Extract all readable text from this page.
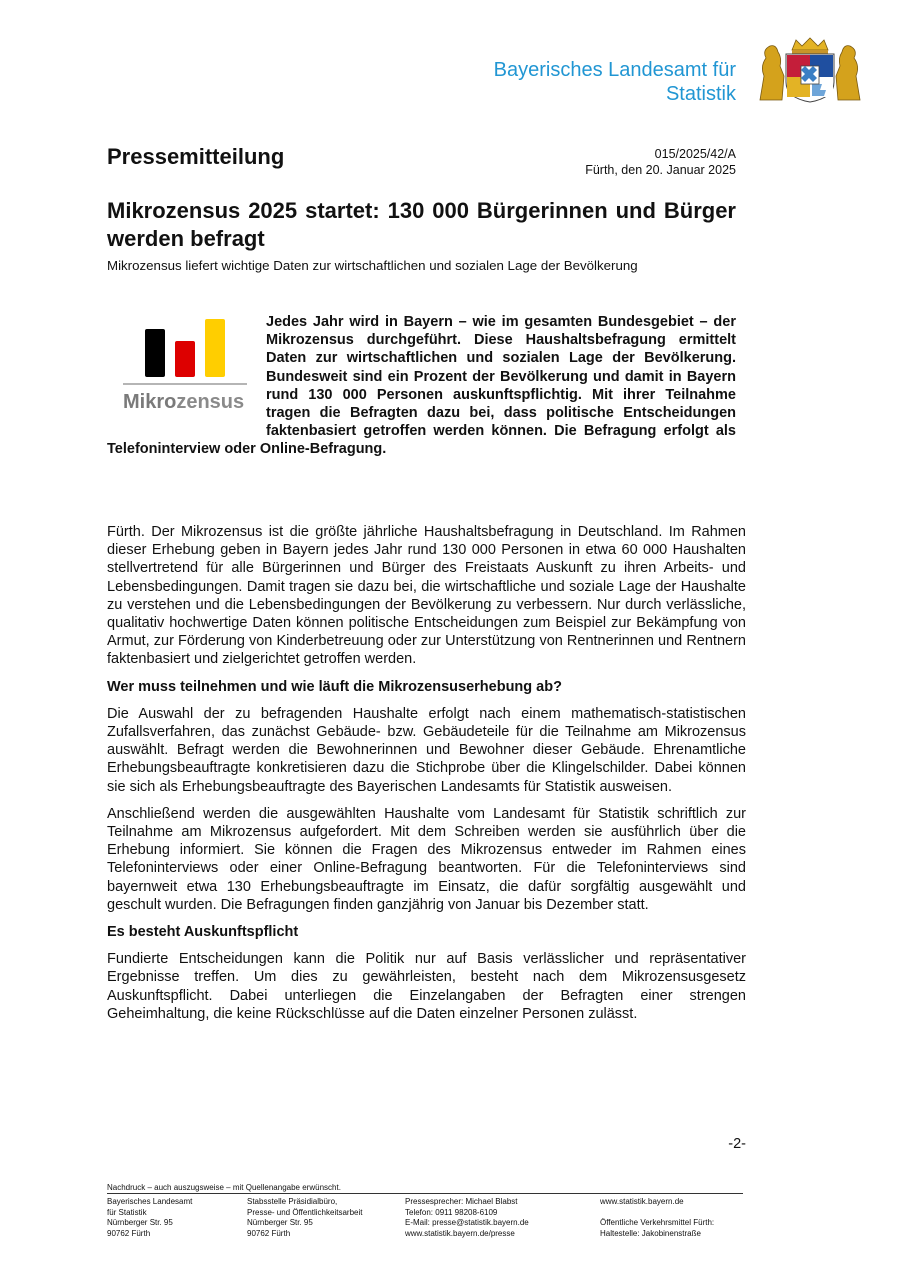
Bayerisches Landesamt für
Statistik
Pressemitteilung	015/2025/42/A
Fürth, den 20. Januar 2025
Mikrozensus 2025 startet: 130 000 Bürgerinnen und Bürger werden befragt
Mikrozensus liefert wichtige Daten zur wirtschaftlichen und sozialen Lage der Bevölkerung
Mikrozensus
Jedes Jahr wird in Bayern – wie im gesamten Bundesgebiet – der Mikrozensus durchgeführt. Diese Haushaltsbefragung ermittelt Daten zur wirtschaftlichen und sozialen Lage der Bevölkerung. Bundesweit sind ein Prozent der Bevölkerung und damit in Bayern rund 130 000 Personen auskunftspflichtig. Mit ihrer Teilnahme tragen die Befragten dazu bei, dass politische Entscheidungen faktenbasiert getroffen werden können. Die Befragung erfolgt als Telefoninterview oder Online-Befragung.

Fürth. Der Mikrozensus ist die größte jährliche Haushaltsbefragung in Deutschland. Im Rahmen dieser Erhebung geben in Bayern jedes Jahr rund 130 000 Personen in etwa 60 000 Haushalten stellvertretend für alle Bürgerinnen und Bürger des Freistaats Auskunft zu ihren Arbeits- und Lebensbedingungen. Damit tragen sie dazu bei, die wirtschaftliche und soziale Lage der Haushalte zu verstehen und die Lebensbedingungen der Bevölkerung zu verbessern. Nur durch verlässliche, qualitativ hochwertige Daten können politische Entscheidungen zum Beispiel zur Bekämpfung von Armut, zur Förderung von Kinderbetreuung oder zur Unterstützung von Rentnerinnen und Rentnern faktenbasiert und zielgerichtet getroffen werden.

Wer muss teilnehmen und wie läuft die Mikrozensuserhebung ab?

Die Auswahl der zu befragenden Haushalte erfolgt nach einem mathematisch-statistischen Zufallsverfahren, das zunächst Gebäude- bzw. Gebäudeteile für die Teilnahme am Mikrozensus auswählt. Befragt werden die Bewohnerinnen und Bewohner dieser Gebäude. Ehrenamtliche Erhebungsbeauftragte konkretisieren dazu die Stichprobe über die Klingelschilder. Dabei können sie sich als Erhebungsbeauftragte des Bayerischen Landesamts für Statistik ausweisen.

Anschließend werden die ausgewählten Haushalte vom Landesamt für Statistik schriftlich zur Teilnahme am Mikrozensus aufgefordert. Mit dem Schreiben werden sie ausführlich über die Erhebung informiert. Sie können die Fragen des Mikrozensus entweder im Rahmen eines Telefoninterviews oder einer Online-Befragung beantworten. Für die Telefoninterviews sind bayernweit etwa 130 Erhebungsbeauftragte im Einsatz, die dafür sorgfältig ausgewählt und geschult wurden. Die Befragungen finden ganzjährig von Januar bis Dezember statt.

Es besteht Auskunftspflicht

Fundierte Entscheidungen kann die Politik nur auf Basis verlässlicher und repräsentativer Ergebnisse treffen. Um dies zu gewährleisten, besteht nach dem Mikrozensusgesetz Auskunftspflicht. Dabei unterliegen die Einzelangaben der Befragten einer strengen Geheimhaltung, die keine Rückschlüsse auf die Daten einzelner Personen zulässt.

-2-
Nachdruck – auch auszugsweise – mit Quellenangabe erwünscht.
Bayerisches Landesamt
für Statistik
Nürnberger Str. 95
90762 Fürth
Stabsstelle Präsidialbüro,
Presse- und Öffentlichkeitsarbeit
Nürnberger Str. 95
90762 Fürth
Pressesprecher: Michael Blabst
Telefon: 0911 98208-6109
E-Mail: presse@statistik.bayern.de
www.statistik.bayern.de/presse
www.statistik.bayern.de

Öffentliche Verkehrsmittel Fürth:
Haltestelle: Jakobinenstraße
